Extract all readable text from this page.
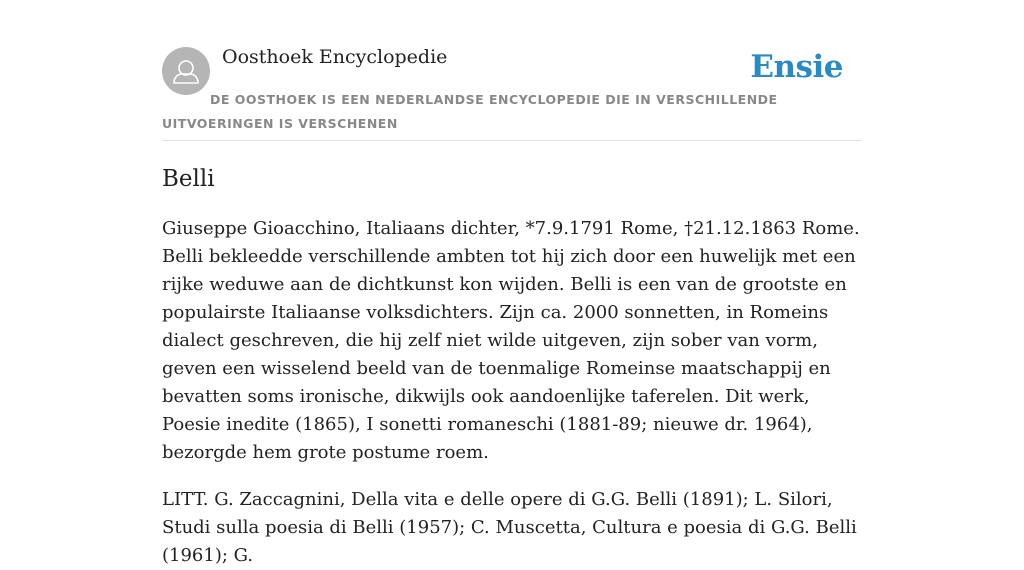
Oosthoek Encyclopedie	Ensie
DE OOSTHOEK IS EEN NEDERLANDSE ENCYCLOPEDIE DIE IN VERSCHILLENDE UITVOERINGEN IS VERSCHENEN
Belli

Giuseppe Gioacchino, Italiaans dichter, *7.9.1791 Rome, †21.12.1863 Rome. Belli bekleedde verschillende ambten tot hij zich door een huwelijk met een rijke weduwe aan de dichtkunst kon wijden. Belli is een van de grootste en populairste Italiaanse volksdichters. Zijn ca. 2000 sonnetten, in Romeins dialect geschreven, die hij zelf niet wilde uitgeven, zijn sober van vorm, geven een wisselend beeld van de toenmalige Romeinse maatschappij en bevatten soms ironische, dikwijls ook aandoenlijke taferelen. Dit werk, Poesie inedite (1865), I sonetti romaneschi (1881-89; nieuwe dr. 1964), bezorgde hem grote postume roem.

LITT. G. Zaccagnini, Della vita e delle opere di G.G. Belli (1891); L. Silori, Studi sulla poesia di Belli (1957); C. Muscetta, Cultura e poesia di G.G. Belli (1961); G.
